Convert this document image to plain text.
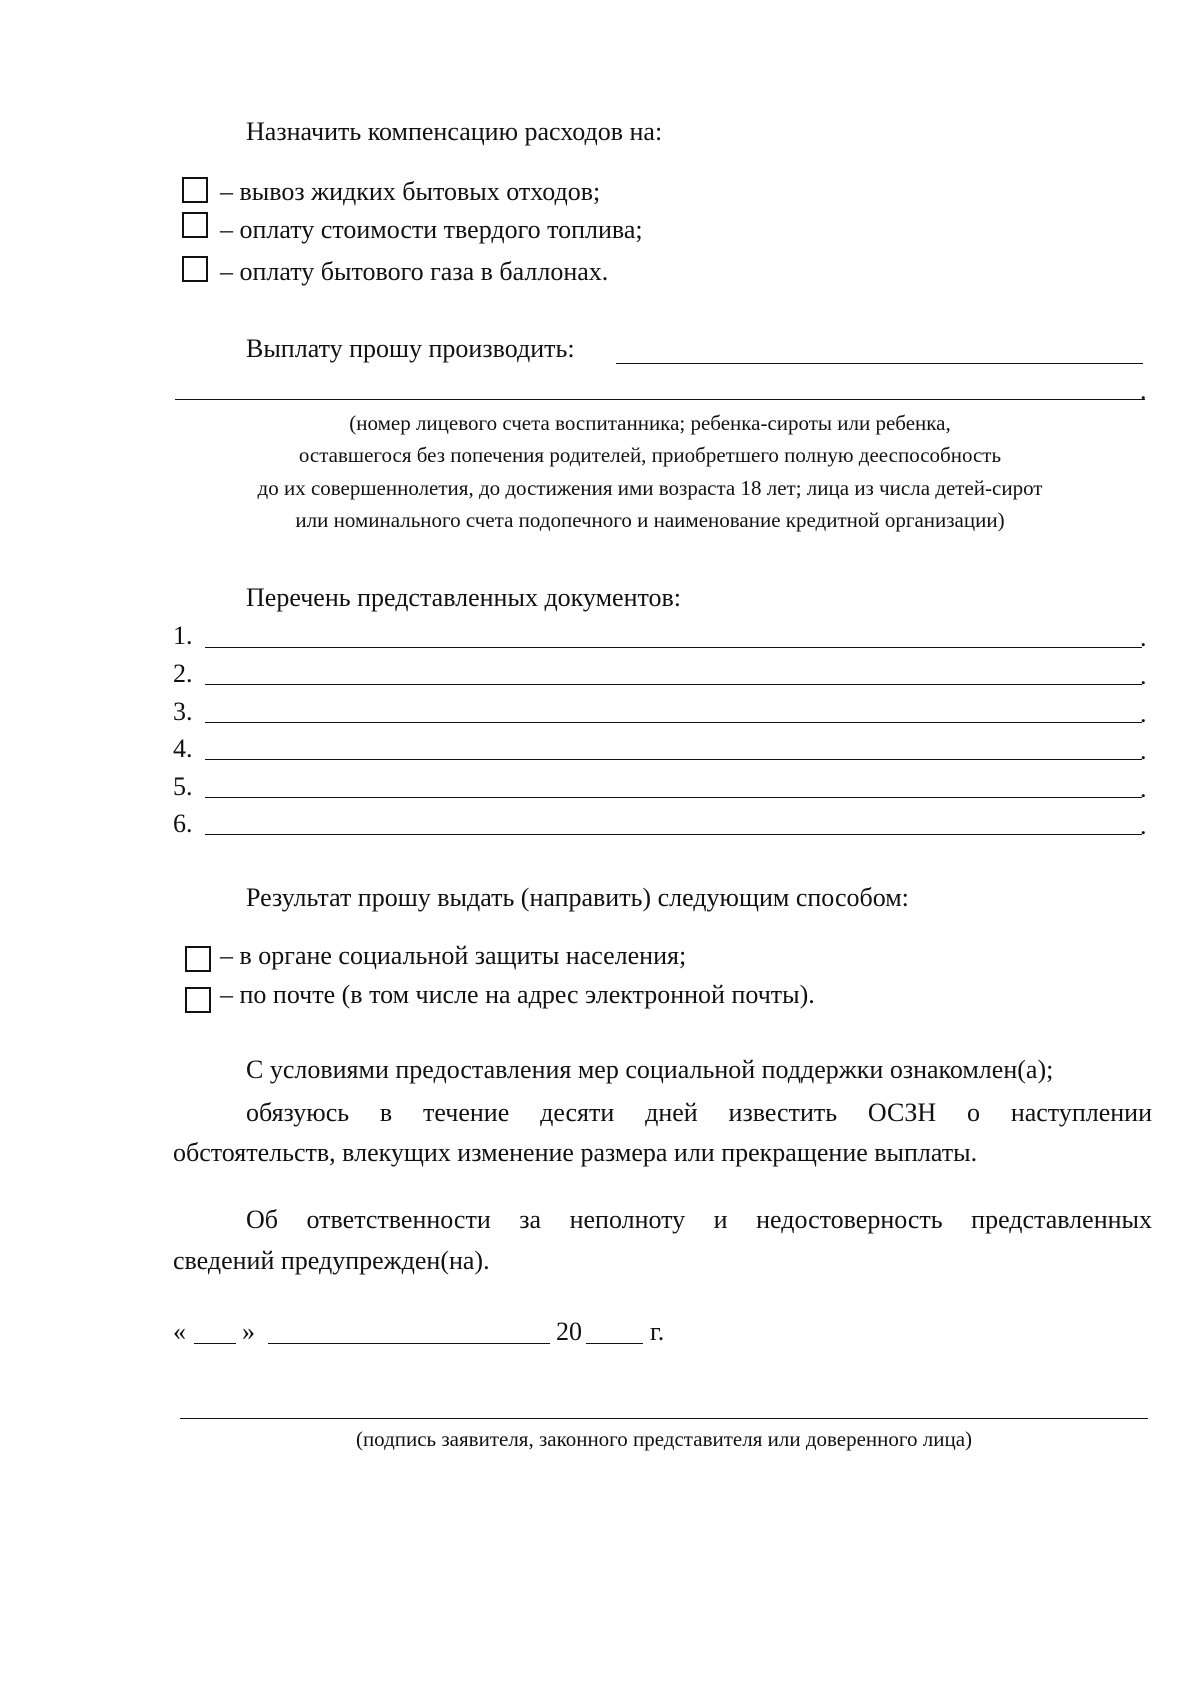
Назначить компенсацию расходов на:
– вывоз жидких бытовых отходов;
– оплату стоимости твердого топлива;
– оплату бытового газа в баллонах.
Выплату прошу производить:
.
(номер лицевого счета воспитанника; ребенка-сироты или ребенка,
оставшегося без попечения родителей, приобретшего полную дееспособность
до их совершеннолетия, до достижения ими возраста 18 лет; лица из числа детей-сирот
или номинального счета подопечного и наименование кредитной организации)
Перечень представленных документов:
1.	.
2.	.
3.	.
4.	.
5.	.
6.	.
Результат прошу выдать (направить) следующим способом:
– в органе социальной защиты населения;
– по почте (в том числе на адрес электронной почты).
С условиями предоставления мер социальной поддержки ознакомлен(а);
обязуюсь в течение десяти дней известить ОСЗН о наступлении
обстоятельств, влекущих изменение размера или прекращение выплаты.
Об ответственности за неполноту и недостоверность представленных
сведений предупрежден(на).
« »	20	г.
(подпись заявителя, законного представителя или доверенного лица)
